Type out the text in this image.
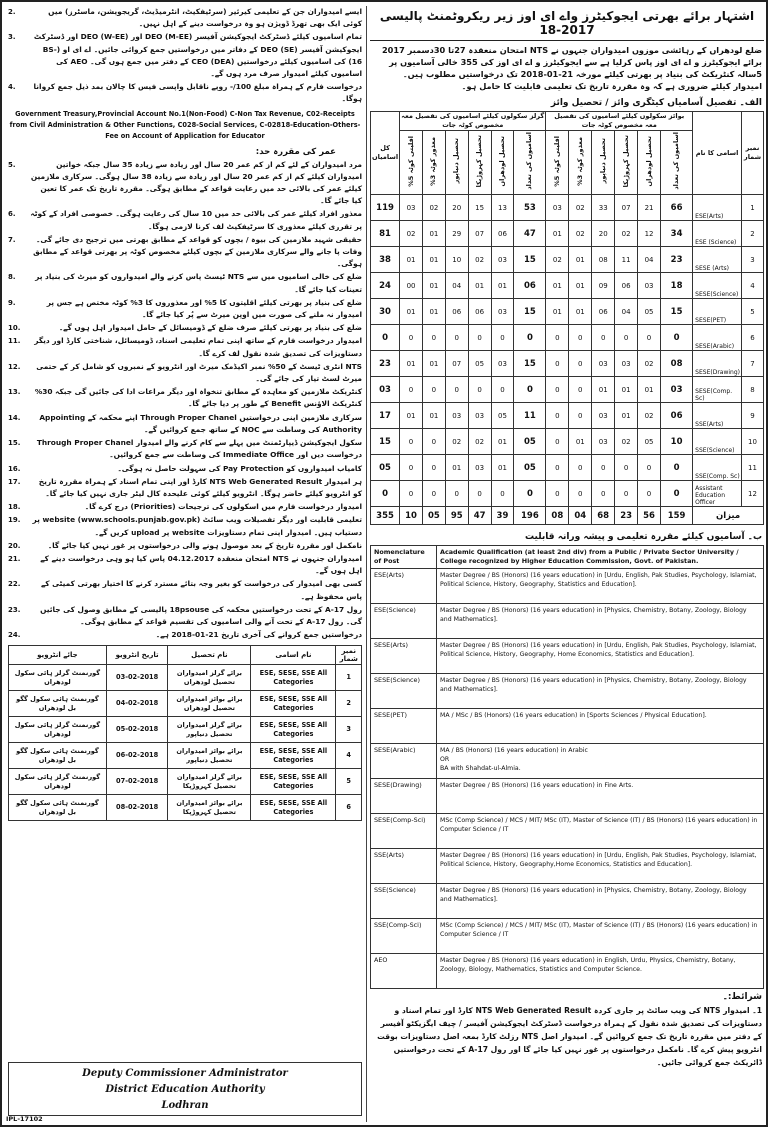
اشتہار برائے بھرتی ایجوکیٹرز واے ای اوز زیر ریکروٹمنٹ پالیسی 2017-18
ضلع لودھراں کے رہائشی موزوں امیدواران جنہوں نے NTS امتحان منعقدہ 27تا 30دسمبر 2017 برائے ایجوکیٹرز و اے ای اوز پاس کرلیا ہے سے ایجوکیٹرز و اے ای اوز کی 355 خالی آسامیوں پر 5سالہ کنٹریکٹ کی بنیاد پر بھرتی کیلئے مورخہ 21-01-2018 تک درخواستیں مطلوب ہیں۔ امیدوار کیلئے ضروری ہے کہ وہ مقررہ تاریخ تک تعلیمی قابلیت کا حامل ہو۔
الف۔ تفصیل آسامیاں کیٹگری وائز / تحصیل وائز
کل اسامیاں	گرلز سکولوں کیلئے اسامیوں کی تفصیل معہ مخصوص کوٹہ جات						بوائز سکولوں کیلئے اسامیوں کی تفصیل معہ مخصوص کوٹہ جات						اسامی کا نام	نمبر شمار
	اقلیتی کوٹہ 5%	معذور کوٹہ 3%	تحصیل دنیاپور	تحصیل کہروڑپکا	تحصیل لودھراں	اسامیوں کی تعداد	اقلیتی کوٹہ 5%	معذور کوٹہ 3%	تحصیل دنیاپور	تحصیل کہروڑپکا	تحصیل لودھراں	اسامیوں کی تعداد		
119	03	02	20	15	13	53	03	02	33	07	21	66	ESE(Arts)	1
81	02	01	29	07	06	47	01	02	20	02	12	34	ESE (Science)	2
38	01	01	10	02	03	15	02	01	08	11	04	23	SESE (Arts)	3
24	00	01	04	01	01	06	01	01	09	06	03	18	SESE(Science)	4
30	01	01	06	06	03	15	01	01	06	04	05	15	SESE(PET)	5
0	0	0	0	0	0	0	0	0	0	0	0	0	SESE(Arabic)	6
23	01	01	07	05	03	15	0	0	03	03	02	08	SESE(Drawing)	7
03	0	0	0	0	0	0	0	0	01	01	01	03	SESE(Comp. Sc)	8
17	01	01	03	03	05	11	0	0	03	01	02	06	SSE(Arts)	9
15	0	0	02	02	01	05	0	01	03	02	05	10	SSE(Science)	10
05	0	0	01	03	01	05	0	0	0	0	0	0	SSE(Comp. Sc)	11
0	0	0	0	0	0	0	0	0	0	0	0	0	Assistant Education Officer	12
355	10	05	95	47	39	196	08	04	68	23	56	159	میزان	
ب۔ آسامیوں کیلئے مقررہ تعلیمی و پیشہ ورانہ قابلیت
Nomenclature of Post	Academic Qualification (at least 2nd div) from a Public / Private Sector University / College recognized by Higher Education Commission, Govt. of Pakistan.
ESE(Arts)	Master Degree / BS (Honors) (16 years education) in [Urdu, English, Pak Studies, Psychology, Islamiat, Political Science, History, Geography, Statistics and Education].
ESE(Science)	Master Degree / BS (Honors) (16 years education) in [Physics, Chemistry, Botany, Zoology, Biology and Mathematics].
SESE(Arts)	Master Degree / BS (Honors) (16 years education) in [Urdu, English, Pak Studies, Psychology, Islamiat, Political Science, History, Geography, Home Economics, Statistics and Education].
SESE(Science)	Master Degree / BS (Honors) (16 years education) in [Physics, Chemistry, Botany, Zoology, Biology and Mathematics].
SESE(PET)	MA / MSc / BS (Honors) (16 years education) in [Sports Sciences / Physical Education].
SESE(Arabic)	MA / BS (Honors) (16 years education) in Arabic
OR
BA with Shahdat-ul-Almia.
SESE(Drawing)	Master Degree / BS (Honors) (16 years education) in Fine Arts.
SESE(Comp-Sci)	MSc (Comp Science) / MCS / MIT/ MSc (IT), Master of Science (IT) / BS (Honors) (16 years education) in Computer Science / IT
SSE(Arts)	Master Degree / BS (Honors) (16 years education) in [Urdu, English, Pak Studies, Psychology, Islamiat, Political Science, History, Geography,Home Economics, Statistics and Education].
SSE(Science)	Master Degree / BS (Honors) (16 years education) in [Physics, Chemistry, Botany, Zoology, Biology and Mathematics].
SSE(Comp-Sci)	MSc (Comp Science) / MCS / MIT/ MSc (IT), Master of Science (IT) / BS (Honors) (16 years education) in Computer Science / IT
AEO	Master Degree / BS (Honors) (16 years education) in English, Urdu, Physics, Chemistry, Botany, Zoology, Biology, Mathematics, Statistics and Computer Science.
شرائط:۔
1۔ امیدوار NTS کی ویب سائٹ پر جاری کردہ NTS Web Generated Result کارڈ اور تمام اسناد و دستاویزات کی تصدیق شدہ نقول کے ہمراہ درخواست ڈسٹرکٹ ایجوکیشن آفیسر / چیف ایگزیکٹو آفیسر کے دفتر میں مقررہ تاریخ تک جمع کروائیں گے۔ امیدوار اصل NTS رزلٹ کارڈ بمعہ اصل دستاویزات بوقت انٹرویو پیش کرے گا۔ نامکمل درخواستوں پر غور نہیں کیا جائے گا اور رول 17-A کے تحت درخواستیں ڈائریکٹ جمع کروائی جائیں۔
2.	ایسے امیدواران جن کے تعلیمی کیرئیر (سرٹیفکیٹ، انٹرمیڈیٹ، گریجویشن، ماسٹرز) میں کوئی ایک بھی تھرڈ ڈویژن ہو وہ درخواست دینے کے اہل نہیں۔
3.	تمام اسامیوں کیلئے ڈسٹرکٹ ایجوکیشن آفیسر DEO (M-EE) اور DEO (W-EE) اور ڈسٹرکٹ ایجوکیشن آفیسر DEO (SE) کے دفاتر میں درخواستیں جمع کروائی جائیں۔ اے ای او (BS-16) کی اسامیوں کیلئے درخواستیں CEO (DEA) کے دفتر میں جمع ہوں گی۔ AEO کی اسامیوں کیلئے امیدوار صرف مرد ہوں گے۔
4.	درخواست فارم کے ہمراہ مبلغ 100/- روپے ناقابل واپسی فیس کا چالان بمد ذیل جمع کروانا ہوگا۔
Government Treasury,Provincial Account No.1(Non-Food) C-Non Tax Revenue, C02-Receipts from Civil Administration & Other Functions, C028-Social Services, C-02818-Education-Others-Fee on Account of Application for Educator
عمر کی مقررہ حد:
5.	مرد امیدواران کے لئے کم از کم عمر 20 سال اور زیادہ سے زیادہ 35 سال جبکہ خواتین امیدواران کیلئے کم از کم عمر 20 سال اور زیادہ سے زیادہ 38 سال ہوگی۔ سرکاری ملازمین کیلئے عمر کی بالائی حد میں رعایت قواعد کے مطابق ہوگی۔ مقررہ تاریخ تک عمر کا تعین کیا جائے گا۔
6.	معذور افراد کیلئے عمر کی بالائی حد میں 10 سال کی رعایت ہوگی۔ خصوصی افراد کے کوٹہ پر تقرری کیلئے معذوری کا سرٹیفکیٹ لف کرنا لازمی ہوگا۔
7.	حقیقی شہید ملازمین کی بیوہ / بچوں کو قواعد کے مطابق بھرتی میں ترجیح دی جائے گی۔ وفات پا جانے والے سرکاری ملازمین کے بچوں کیلئے مخصوص کوٹہ پر بھرتی قواعد کے مطابق ہوگی۔
8.	ضلع کی خالی اسامیوں میں سے NTS ٹیسٹ پاس کرنے والے امیدواروں کو میرٹ کی بنیاد پر تعینات کیا جائے گا۔
9.	ضلع کی بنیاد پر بھرتی کیلئے اقلیتوں کا 5% اور معذوروں کا 3% کوٹہ مختص ہے جس پر امیدوار نہ ملنے کی صورت میں اوپن میرٹ سے پُر کیا جائے گا۔
10.	ضلع کی بنیاد پر بھرتی کیلئے صرف ضلع کے ڈومیسائل کے حامل امیدوار اہل ہوں گے۔
11.	امیدوار درخواست فارم کے ساتھ اپنی تمام تعلیمی اسناد، ڈومیسائل، شناختی کارڈ اور دیگر دستاویزات کی تصدیق شدہ نقول لف کرے گا۔
12.	NTS انٹری ٹیسٹ کے 50% نمبر اکیڈمک میرٹ اور انٹرویو کے نمبروں کو شامل کر کے حتمی میرٹ لسٹ تیار کی جائے گی۔
13.	کنٹریکٹ ملازمین کو معاہدہ کے مطابق تنخواہ اور دیگر مراعات ادا کی جائیں گی جبکہ 30% کنٹریکٹ الاؤنس Benefit کے طور پر دیا جائے گا۔
14.	سرکاری ملازمین اپنی درخواستیں Through Proper Chanel اپنے محکمہ کے Appointing Authority کی وساطت سے NOC کے ساتھ جمع کروائیں گے۔
15.	سکول ایجوکیشن ڈیپارٹمنٹ میں پہلے سے کام کرنے والے امیدوار Through Proper Chanel درخواست دیں اور Immediate Office کی وساطت سے جمع کروائیں۔
16.	کامیاب امیدواروں کو Pay Protection کی سہولت حاصل نہ ہوگی۔
17.	ہر امیدوار NTS Web Generated Result کارڈ اور اپنی تمام اسناد کے ہمراہ مقررہ تاریخ کو انٹرویو کیلئے حاضر ہوگا۔ انٹرویو کیلئے کوئی علیحدہ کال لیٹر جاری نہیں کیا جائے گا۔
18.	امیدوار درخواست فارم میں اسکولوں کی ترجیحات (Priorities) درج کرے گا۔
19.	تعلیمی قابلیت اور دیگر تفصیلات ویب سائٹ (www.schools.punjab.gov.pk) website پر دستیاب ہیں۔ امیدوار اپنی تمام دستاویزات website پر upload کریں گے۔
20.	نامکمل اور مقررہ تاریخ کے بعد موصول ہونے والی درخواستوں پر غور نہیں کیا جائے گا۔
21.	امیدواران جنہوں نے NTS امتحان منعقدہ 04.12.2017 پاس کیا ہو وہی درخواست دینے کے اہل ہوں گے۔
22.	کسی بھی امیدوار کی درخواست کو بغیر وجہ بتائے مسترد کرنے کا اختیار بھرتی کمیٹی کے پاس محفوظ ہے۔
23.	رول 17-A کے تحت درخواستیں محکمہ کی 18psouse پالیسی کے مطابق وصول کی جائیں گی۔ رول 17-A کے تحت آنے والی اسامیوں کی تقسیم قواعد کے مطابق ہوگی۔
24.	درخواستیں جمع کروانے کی آخری تاریخ 21-01-2018 ہے۔
جائے انٹرویو	تاریخ انٹرویو	نام تحصیل	نام اسامی	نمبر شمار
گورنمنٹ گرلز ہائی سکول لودھراں	03-02-2018	برائے گرلز امیدواران تحصیل لودھراں	ESE, SESE, SSE All Categories	1
گورنمنٹ ہائی سکول گگو بل لودھراں	04-02-2018	برائے بوائز امیدواران تحصیل لودھراں	ESE, SESE, SSE All Categories	2
گورنمنٹ گرلز ہائی سکول لودھراں	05-02-2018	برائے گرلز امیدواران تحصیل دنیاپور	ESE, SESE, SSE All Categories	3
گورنمنٹ ہائی سکول گگو بل لودھراں	06-02-2018	برائے بوائز امیدواران تحصیل دنیاپور	ESE, SESE, SSE All Categories	4
گورنمنٹ گرلز ہائی سکول لودھراں	07-02-2018	برائے گرلز امیدواران تحصیل کہروڑپکا	ESE, SESE, SSE All Categories	5
گورنمنٹ ہائی سکول گگو بل لودھراں	08-02-2018	برائے بوائز امیدواران تحصیل کہروڑپکا	ESE, SESE, SSE All Categories	6
Deputy Commissioner Administrator
District Education Authority
Lodhran
IPL-17102
